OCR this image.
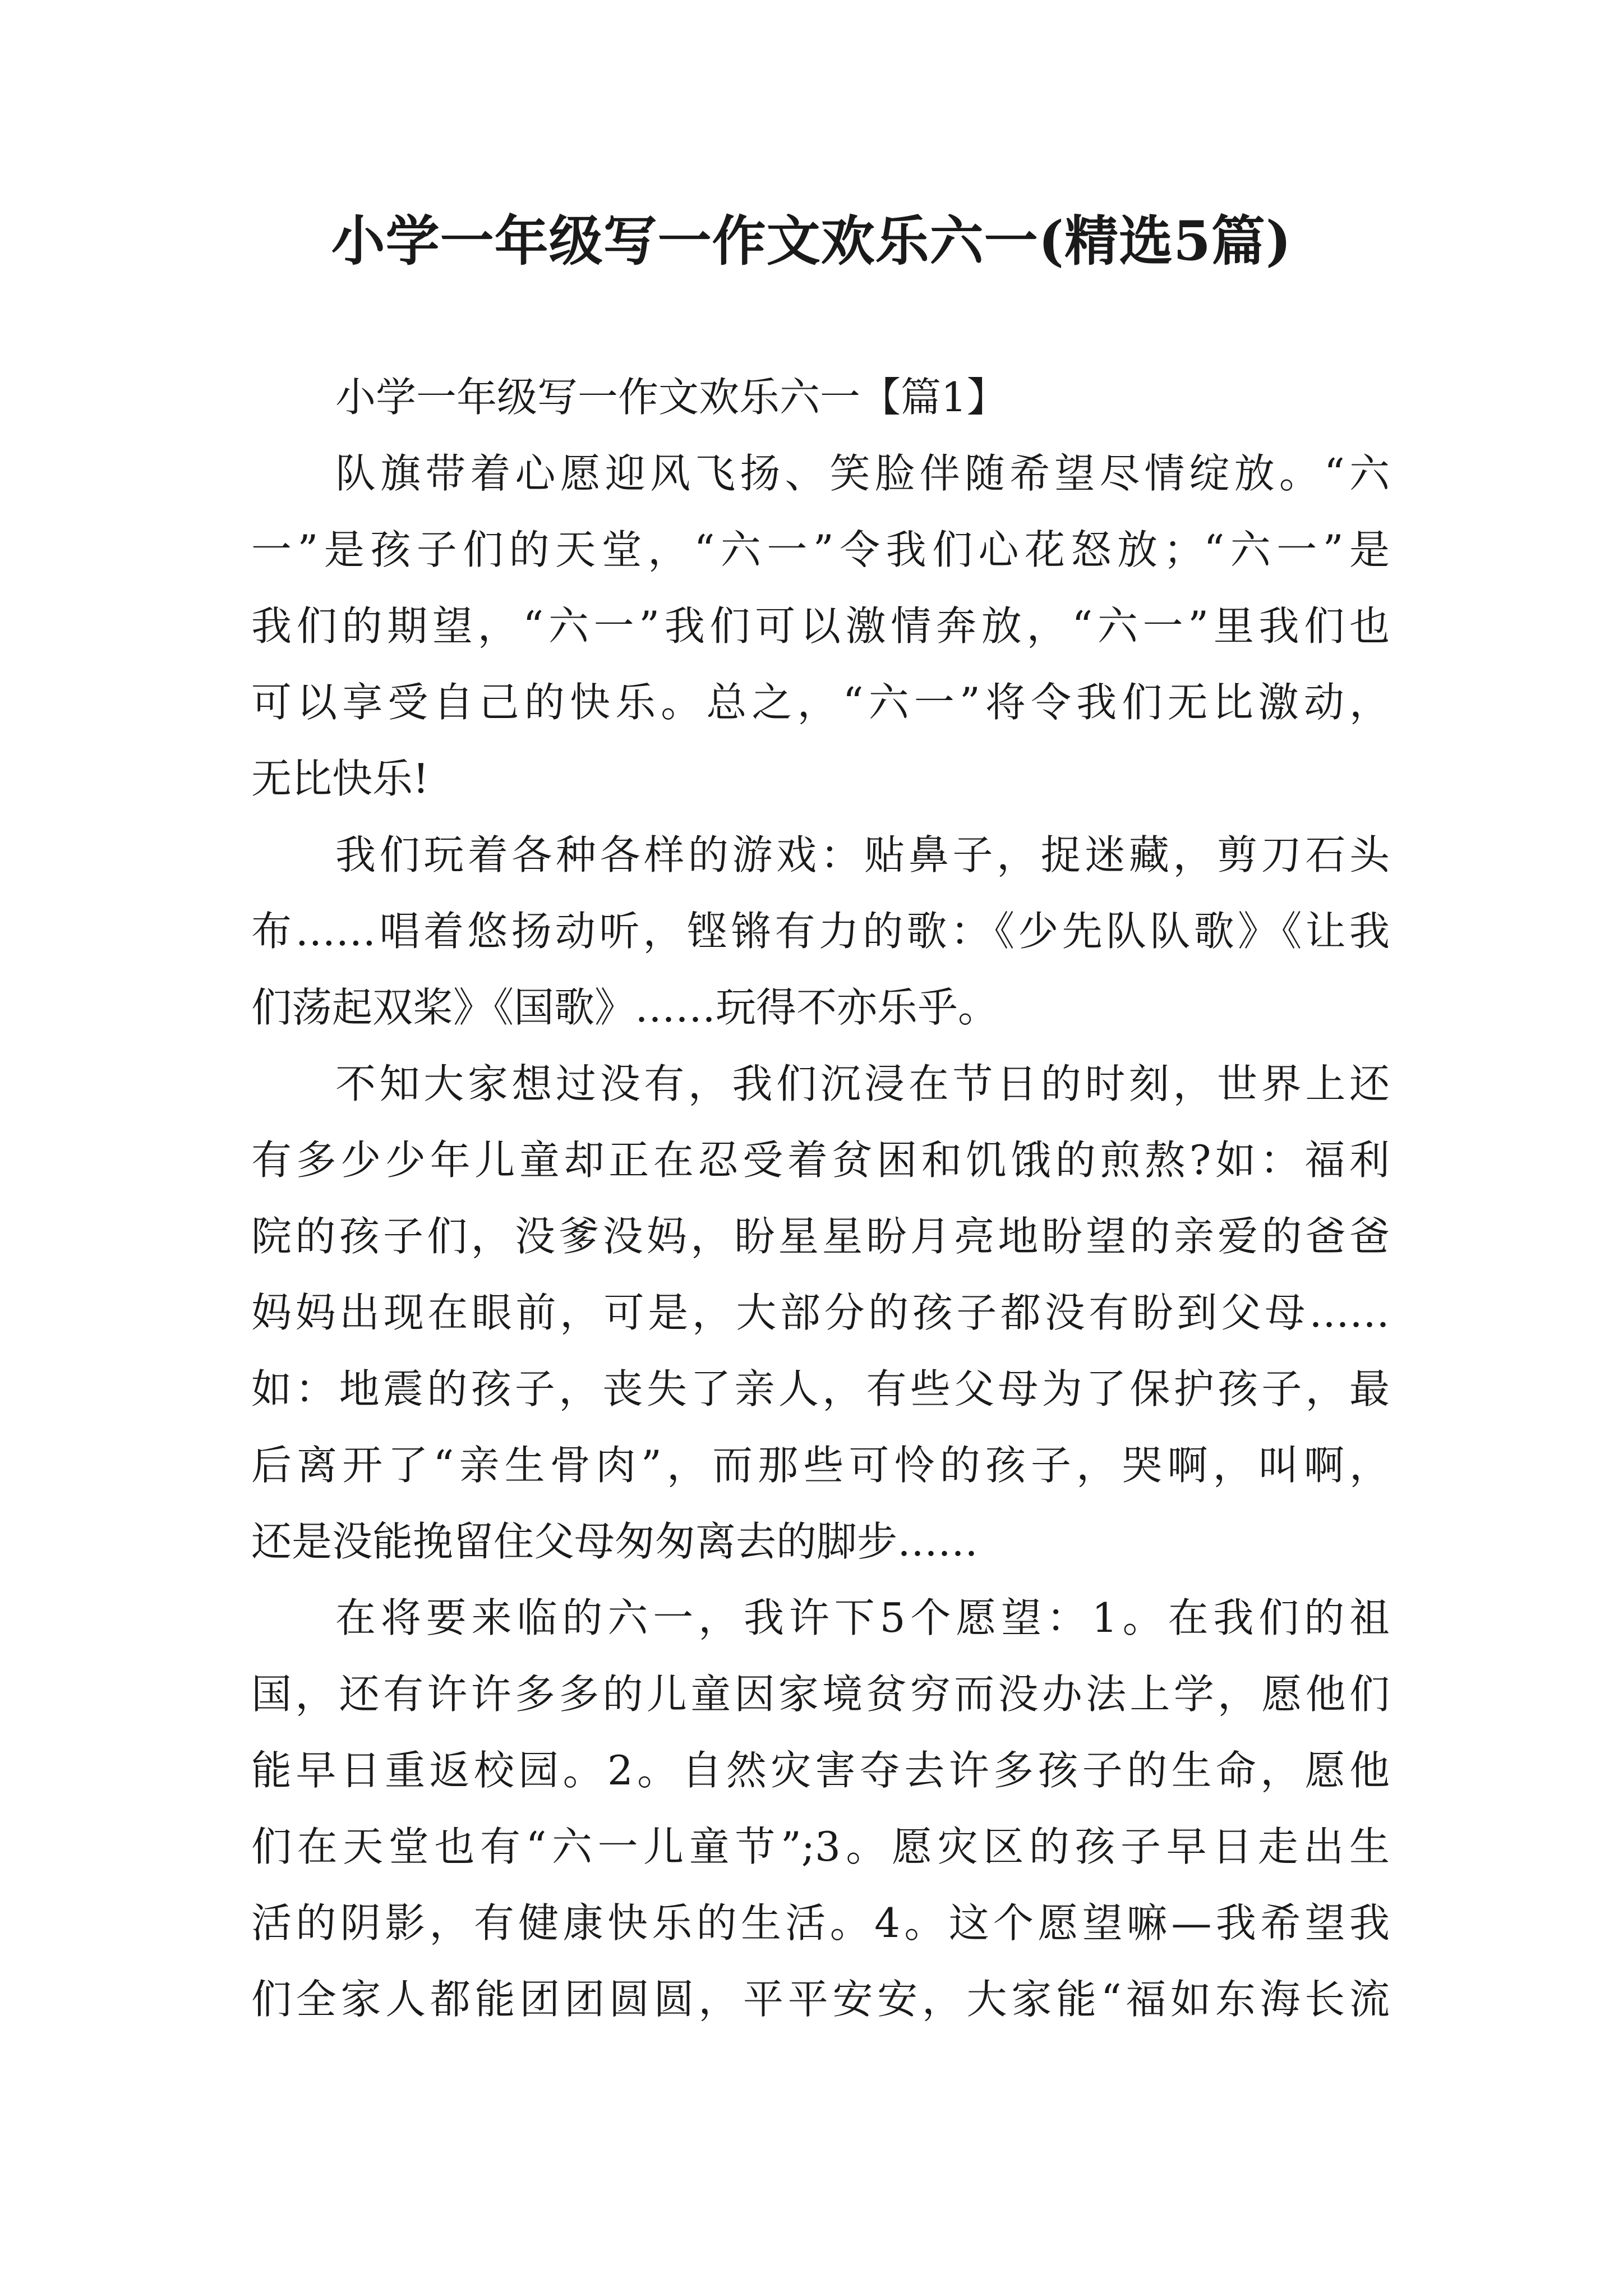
小学一年级写一作文欢乐六一(精选5篇)
小学一年级写一作文欢乐六一【篇1】
队旗带着心愿迎风飞扬、笑脸伴随希望尽情绽放。“六
一”是孩子们的天堂，“六一”令我们心花怒放；“六一”是
我们的期望，“六一”我们可以激情奔放，“六一”里我们也
可以享受自己的快乐。总之，“六一”将令我们无比激动，
无比快乐!
我们玩着各种各样的游戏：贴鼻子，捉迷藏，剪刀石头
布……唱着悠扬动听，铿锵有力的歌：《少先队队歌》《让我
们荡起双桨》《国歌》……玩得不亦乐乎。
不知大家想过没有，我们沉浸在节日的时刻，世界上还
有多少少年儿童却正在忍受着贫困和饥饿的煎熬?如：福利
院的孩子们，没爹没妈，盼星星盼月亮地盼望的亲爱的爸爸
妈妈出现在眼前，可是，大部分的孩子都没有盼到父母……
如：地震的孩子，丧失了亲人，有些父母为了保护孩子，最
后离开了“亲生骨肉”，而那些可怜的孩子，哭啊，叫啊，
还是没能挽留住父母匆匆离去的脚步……
在将要来临的六一，我许下5个愿望：1。在我们的祖
国，还有许许多多的儿童因家境贫穷而没办法上学，愿他们
能早日重返校园。2。自然灾害夺去许多孩子的生命，愿他
们在天堂也有“六一儿童节”;3。愿灾区的孩子早日走出生
活的阴影，有健康快乐的生活。4。这个愿望嘛—我希望我
们全家人都能团团圆圆，平平安安，大家能“福如东海长流
